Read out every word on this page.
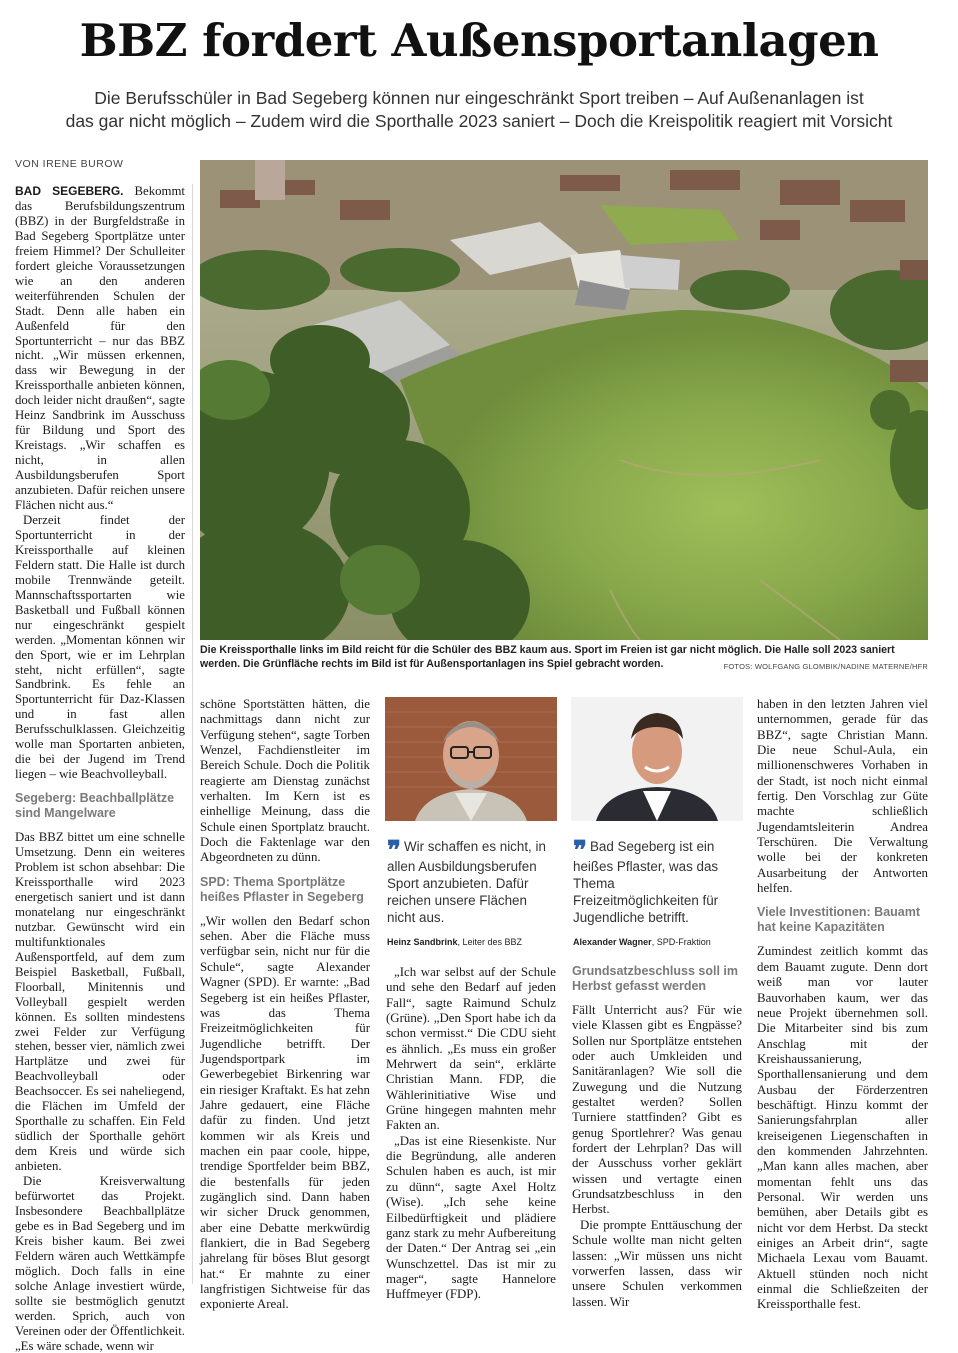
BBZ fordert Außensportanlagen
Die Berufsschüler in Bad Segeberg können nur eingeschränkt Sport treiben – Auf Außenanlagen ist
das gar nicht möglich – Zudem wird die Sporthalle 2023 saniert – Doch die Kreispolitik reagiert mit Vorsicht
VON IRENE BUROW

BAD SEGEBERG. Bekommt das Berufsbildungszentrum (BBZ) in der Burgfeldstraße in Bad Segeberg Sportplätze unter freiem Himmel? Der Schulleiter fordert gleiche Voraussetzungen wie an den anderen weiterführenden Schulen der Stadt. Denn alle haben ein Außenfeld für den Sportunterricht – nur das BBZ nicht. „Wir müssen erkennen, dass wir Bewegung in der Kreissporthalle anbieten können, doch leider nicht draußen“, sagte Heinz Sandbrink im Ausschuss für Bildung und Sport des Kreistags. „Wir schaffen es nicht, in allen Ausbildungsberufen Sport anzubieten. Dafür reichen unsere Flächen nicht aus.“

Derzeit findet der Sportunterricht in der Kreissporthalle auf kleinen Feldern statt. Die Halle ist durch mobile Trennwände geteilt. Mannschaftssportarten wie Basketball und Fußball können nur eingeschränkt gespielt werden. „Momentan können wir den Sport, wie er im Lehrplan steht, nicht erfüllen“, sagte Sandbrink. Es fehle an Sportunterricht für Daz-Klassen und in fast allen Berufsschulklassen. Gleichzeitig wolle man Sportarten anbieten, die bei der Jugend im Trend liegen – wie Beachvolleyball.

Segeberg: Beachballplätze sind Mangelware

Das BBZ bittet um eine schnelle Umsetzung. Denn ein weiteres Problem ist schon absehbar: Die Kreissporthalle wird 2023 energetisch saniert und ist dann monatelang nur eingeschränkt nutzbar. Gewünscht wird ein multifunktionales Außensportfeld, auf dem zum Beispiel Basketball, Fußball, Floorball, Minitennis und Volleyball gespielt werden können. Es sollten mindestens zwei Felder zur Verfügung stehen, besser vier, nämlich zwei Hartplätze und zwei für Beachvolleyball oder Beachsoccer. Es sei naheliegend, die Flächen im Umfeld der Sporthalle zu schaffen. Ein Feld südlich der Sporthalle gehört dem Kreis und würde sich anbieten.

Die Kreisverwaltung befürwortet das Projekt. Insbesondere Beachballplätze gebe es in Bad Segeberg und im Kreis bisher kaum. Bei zwei Feldern wären auch Wettkämpfe möglich. Doch falls in eine solche Anlage investiert würde, sollte sie bestmöglich genutzt werden. Sprich, auch von Vereinen oder der Öffentlichkeit. „Es wäre schade, wenn wir

Die Kreissporthalle links im Bild reicht für die Schüler des BBZ kaum aus. Sport im Freien ist gar nicht möglich. Die Halle soll 2023 saniert werden. Die Grünfläche rechts im Bild ist für Außensportanlagen ins Spiel gebracht worden.	FOTOS: WOLFGANG GLOMBIK/NADINE MATERNE/HFR

schöne Sportstätten hätten, die nachmittags dann nicht zur Verfügung stehen“, sagte Torben Wenzel, Fachdienstleiter im Bereich Schule. Doch die Politik reagierte am Dienstag zunächst verhalten. Im Kern ist es einhellige Meinung, dass die Schule einen Sportplatz braucht. Doch die Faktenlage war den Abgeordneten zu dünn.

SPD: Thema Sportplätze heißes Pflaster in Segeberg

„Wir wollen den Bedarf schon sehen. Aber die Fläche muss verfügbar sein, nicht nur für die Schule“, sagte Alexander Wagner (SPD). Er warnte: „Bad Segeberg ist ein heißes Pflaster, was das Thema Freizeitmöglichkeiten für Jugendliche betrifft. Der Jugendsportpark im Gewerbegebiet Birkenring war ein riesiger Kraftakt. Es hat zehn Jahre gedauert, eine Fläche dafür zu finden. Und jetzt kommen wir als Kreis und machen ein paar coole, hippe, trendige Sportfelder beim BBZ, die bestenfalls für jeden zugänglich sind. Dann haben wir sicher Druck genommen, aber eine Debatte merkwürdig flankiert, die in Bad Segeberg jahrelang für böses Blut gesorgt hat.“ Er mahnte zu einer langfristigen Sichtweise für das exponierte Areal.

❞ Wir schaffen es nicht, in allen Ausbildungsberufen Sport anzubieten. Dafür reichen unsere Flächen nicht aus.
Heinz Sandbrink, Leiter des BBZ
❞ Bad Segeberg ist ein heißes Pflaster, was das Thema Freizeitmöglichkeiten für Jugendliche betrifft.
Alexander Wagner, SPD-Fraktion

„Ich war selbst auf der Schule und sehe den Bedarf auf jeden Fall“, sagte Raimund Schulz (Grüne). „Den Sport habe ich da schon vermisst.“ Die CDU sieht es ähnlich. „Es muss ein großer Mehrwert da sein“, erklärte Christian Mann. FDP, die Wählerinitiative Wise und Grüne hingegen mahnten mehr Fakten an.

„Das ist eine Riesenkiste. Nur die Begründung, alle anderen Schulen haben es auch, ist mir zu dünn“, sagte Axel Holtz (Wise). „Ich sehe keine Eilbedürftigkeit und plädiere ganz stark zu mehr Aufbereitung der Daten.“ Der Antrag sei „ein Wunschzettel. Das ist mir zu mager“, sagte Hannelore Huffmeyer (FDP).

Grundsatzbeschluss soll im Herbst gefasst werden

Fällt Unterricht aus? Für wie viele Klassen gibt es Engpässe? Sollen nur Sportplätze entstehen oder auch Umkleiden und Sanitäranlagen? Wie soll die Zuwegung und die Nutzung gestaltet werden? Sollen Turniere stattfinden? Gibt es genug Sportlehrer? Was genau fordert der Lehrplan? Das will der Ausschuss vorher geklärt wissen und vertagte einen Grundsatzbeschluss in den Herbst.

Die prompte Enttäuschung der Schule wollte man nicht gelten lassen: „Wir müssen uns nicht vorwerfen lassen, dass wir unsere Schulen verkommen lassen. Wir

haben in den letzten Jahren viel unternommen, gerade für das BBZ“, sagte Christian Mann. Die neue Schul-Aula, ein millionenschweres Vorhaben in der Stadt, ist noch nicht einmal fertig. Den Vorschlag zur Güte machte schließlich Jugendamtsleiterin Andrea Terschüren. Die Verwaltung wolle bei der konkreten Ausarbeitung der Antworten helfen.

Viele Investitionen: Bauamt hat keine Kapazitäten

Zumindest zeitlich kommt das dem Bauamt zugute. Denn dort weiß man vor lauter Bauvorhaben kaum, wer das neue Projekt übernehmen soll. Die Mitarbeiter sind bis zum Anschlag mit der Kreishaussanierung, Sporthallensanierung und dem Ausbau der Förderzentren beschäftigt. Hinzu kommt der Sanierungsfahrplan aller kreiseigenen Liegenschaften in den kommenden Jahrzehnten. „Man kann alles machen, aber momentan fehlt uns das Personal. Wir werden uns bemühen, aber Details gibt es nicht vor dem Herbst. Da steckt einiges an Arbeit drin“, sagte Michaela Lexau vom Bauamt. Aktuell stünden noch nicht einmal die Schließzeiten der Kreissporthalle fest.
